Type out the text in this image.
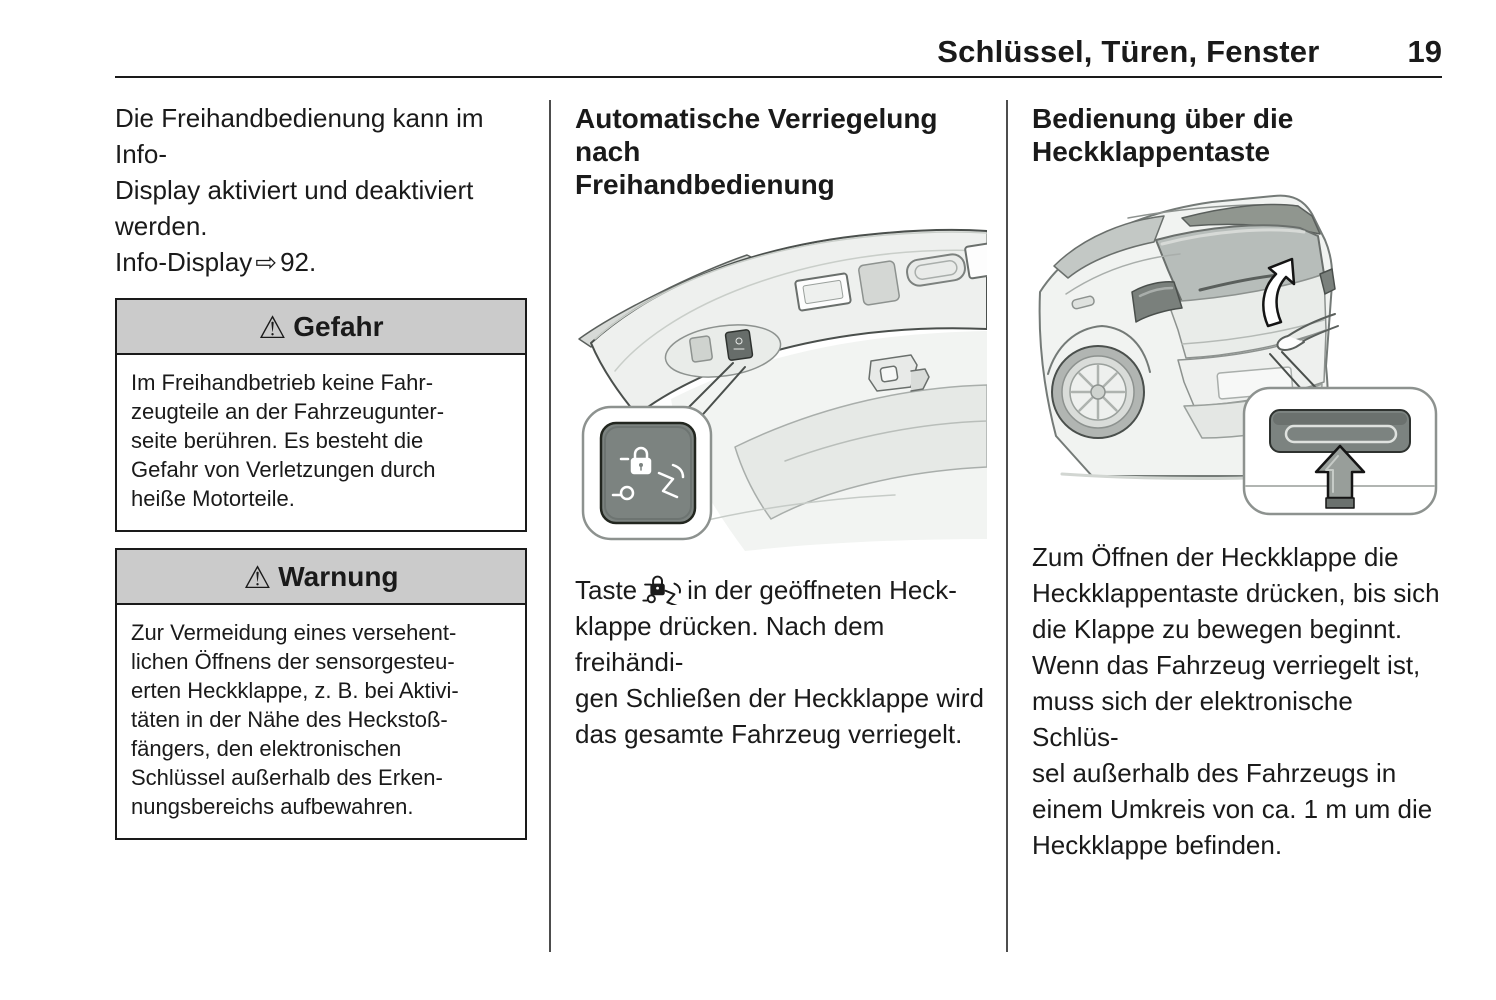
Schlüssel, Türen, Fenster	19

Die Freihandbedienung kann im Info-
Display aktiviert und deaktiviert
werden.

Info-Display ⇨ 92.

⚠ Gefahr
Im Freihandbetrieb keine Fahr-
zeugteile an der Fahrzeugunter-
seite berühren. Es besteht die
Gefahr von Verletzungen durch
heiße Motorteile.
⚠ Warnung
Zur Vermeidung eines versehent-
lichen Öffnens der sensorgesteu-
erten Heckklappe, z. B. bei Aktivi-
täten in der Nähe des Heckstoß-
fängers, den elektronischen
Schlüssel außerhalb des Erken-
nungsbereichs aufbewahren.
Automatische Verriegelung nach
Freihandbedienung

Taste in der geöffneten Heck-
klappe drücken. Nach dem freihändi-
gen Schließen der Heckklappe wird
das gesamte Fahrzeug verriegelt.

Bedienung über die
Heckklappentaste

Zum Öffnen der Heckklappe die
Heckklappentaste drücken, bis sich
die Klappe zu bewegen beginnt.
Wenn das Fahrzeug verriegelt ist,
muss sich der elektronische Schlüs-
sel außerhalb des Fahrzeugs in
einem Umkreis von ca. 1 m um die
Heckklappe befinden.
